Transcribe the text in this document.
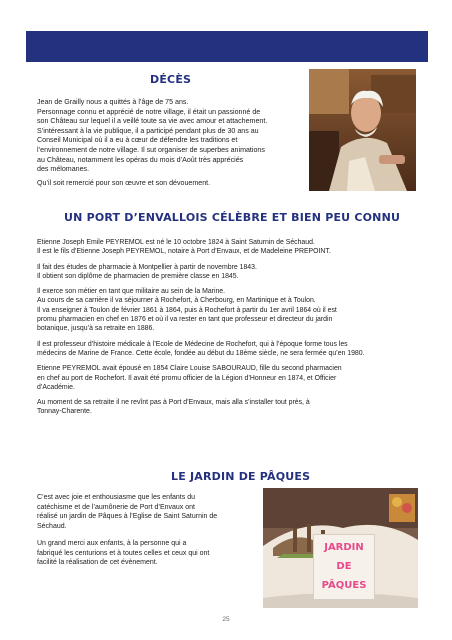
DÉCÈS

Jean de Grailly nous a quittés à l’âge de 75 ans.

Personnage connu et apprécié de notre village, il était un passionné de

son Château sur lequel il a veillé toute sa vie avec amour et attachement.

S’intéressant à la vie publique, il a participé pendant plus de 30 ans au

Conseil Municipal où il a eu à cœur de défendre les traditions et

l’environnement de notre village. Il sut organiser de superbes animations

au Château, notamment les opéras du mois d’Août très appréciés

des mélomanes.

Qu’il soit remercié pour son œuvre et son dévouement.

UN PORT D’ENVALLOIS CÉLÈBRE ET BIEN PEU CONNU

Etienne Joseph Emile PEYREMOL est né le 10 octobre 1824 à Saint Saturnin de Séchaud.

Il est le fils d’Etienne Joseph PEYREMOL, notaire à Port d’Envaux, et de Madeleine PREPOINT.

Il fait des études de pharmacie à Montpellier à partir de novembre 1843.

Il obtient son diplôme de pharmacien de première classe en 1845.

Il exerce son métier en tant que militaire au sein de la Marine.

Au cours de sa carrière il va séjourner à Rochefort, à Cherbourg, en Martinique et à Toulon.

Il va enseigner à Toulon de février 1861 à 1864, puis à Rochefort à partir du 1er avril 1864 où il est

promu pharmacien en chef en 1876 et où il va rester en tant que professeur et directeur du jardin

botanique, jusqu’à sa retraite en 1886.

Il est professeur d’histoire médicale à l’Ecole de Médecine de Rochefort, qui à l’époque forme tous les

médecins de Marine de France. Cette école, fondée au début du 18ème siècle, ne sera fermée qu’en 1980.

Etienne PEYREMOL avait épousé en 1854 Claire Louise SABOURAUD, fille du second pharmacien

en chef au port de Rochefort. Il avait été promu officier de la Légion d’Honneur en 1874, et Officier

d’Académie.

Au moment de sa retraite il ne revînt pas à Port d’Envaux, mais alla s’installer tout près, à

Tonnay-Charente.

LE JARDIN DE PÂQUES

C’est avec joie et enthousiasme que les enfants du

catéchisme et de l’aumônerie de Port d’Envaux ont

réalisé un jardin de Pâques à l’Eglise de Saint Saturnin de

Séchaud.

Un grand merci aux enfants, à la personne qui a

fabriqué les centurions et à toutes celles et ceux qui ont

facilité la réalisation de cet évènement.

JARDIN
DE
PÂQUES
25
